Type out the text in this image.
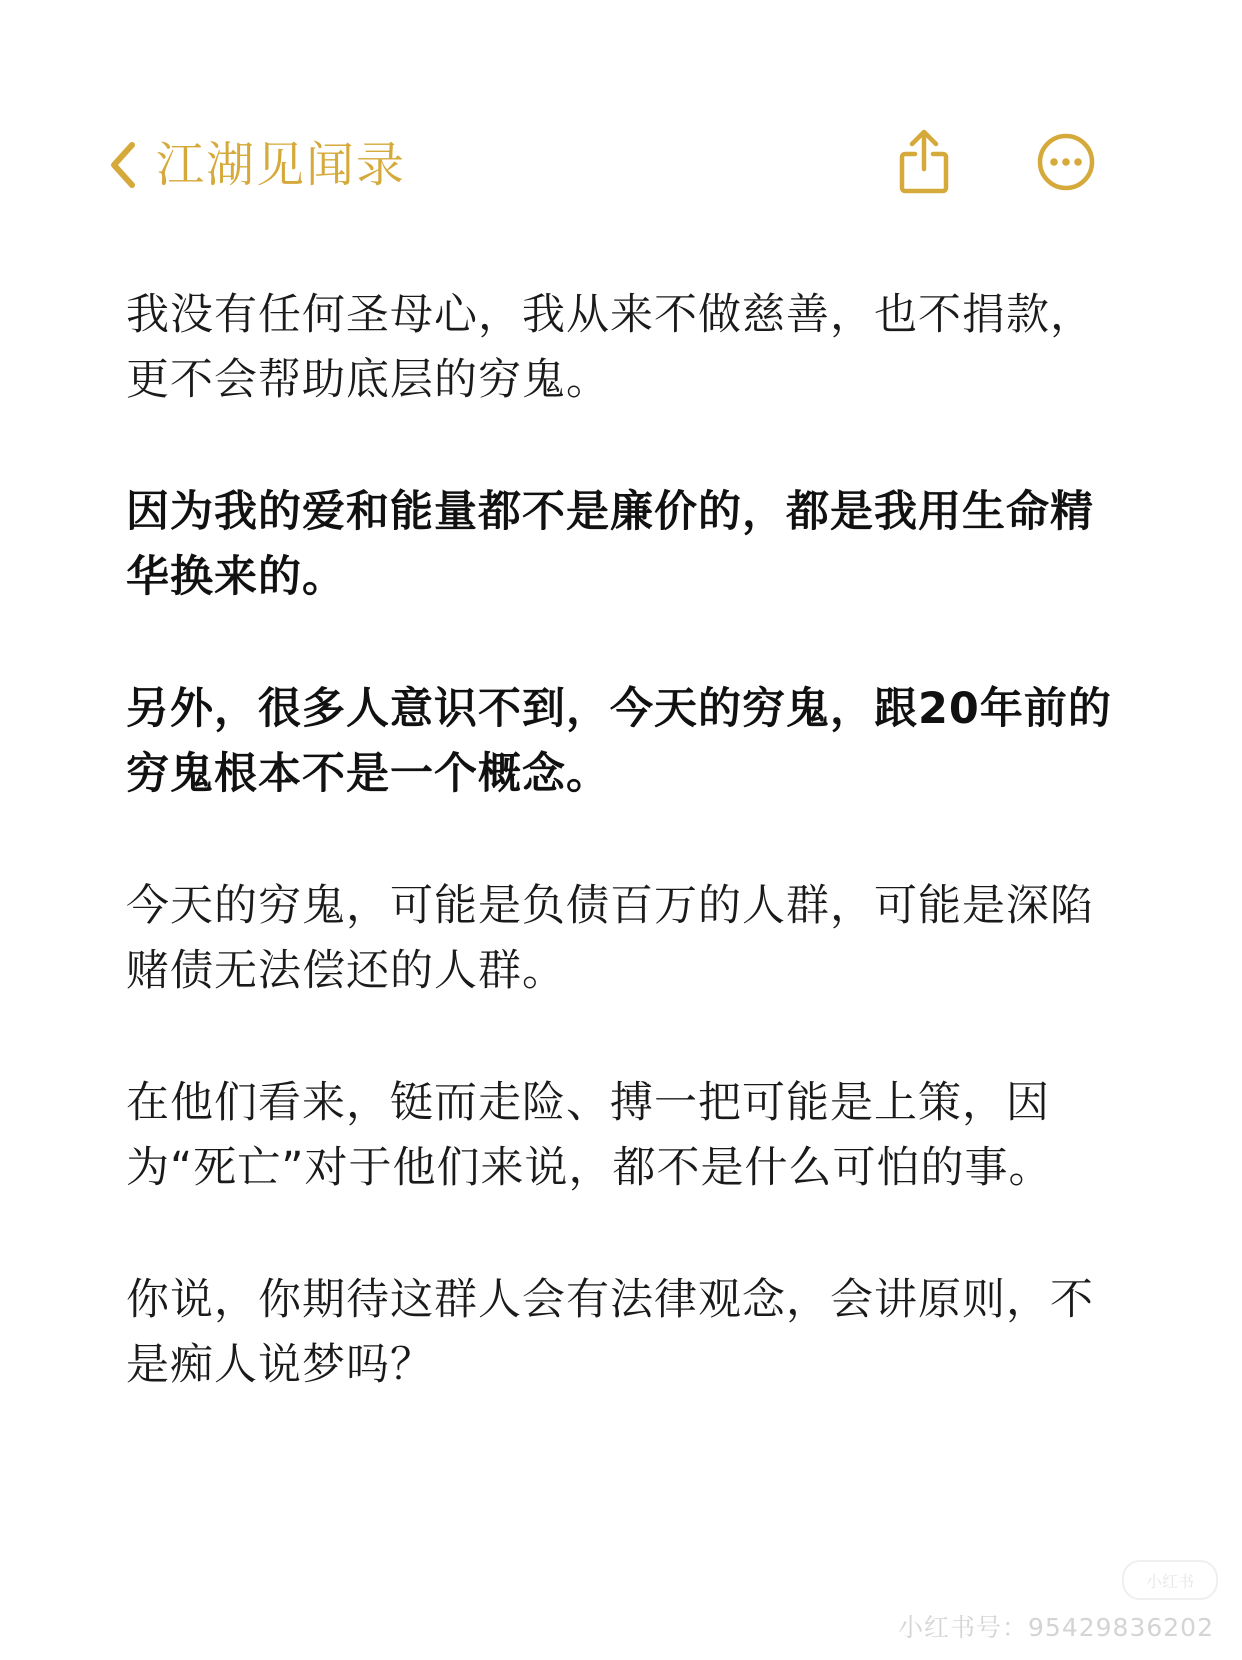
江湖见闻录

我没有任何圣母心，我从来不做慈善，也不捐款，更不会帮助底层的穷鬼。

因为我的爱和能量都不是廉价的，都是我用生命精华换来的。

另外，很多人意识不到，今天的穷鬼，跟20年前的穷鬼根本不是一个概念。

今天的穷鬼，可能是负债百万的人群，可能是深陷赌债无法偿还的人群。

在他们看来，铤而走险、搏一把可能是上策，因为“死亡”对于他们来说，都不是什么可怕的事。

你说，你期待这群人会有法律观念，会讲原则，不是痴人说梦吗？

小红书
小红书号：95429836202
